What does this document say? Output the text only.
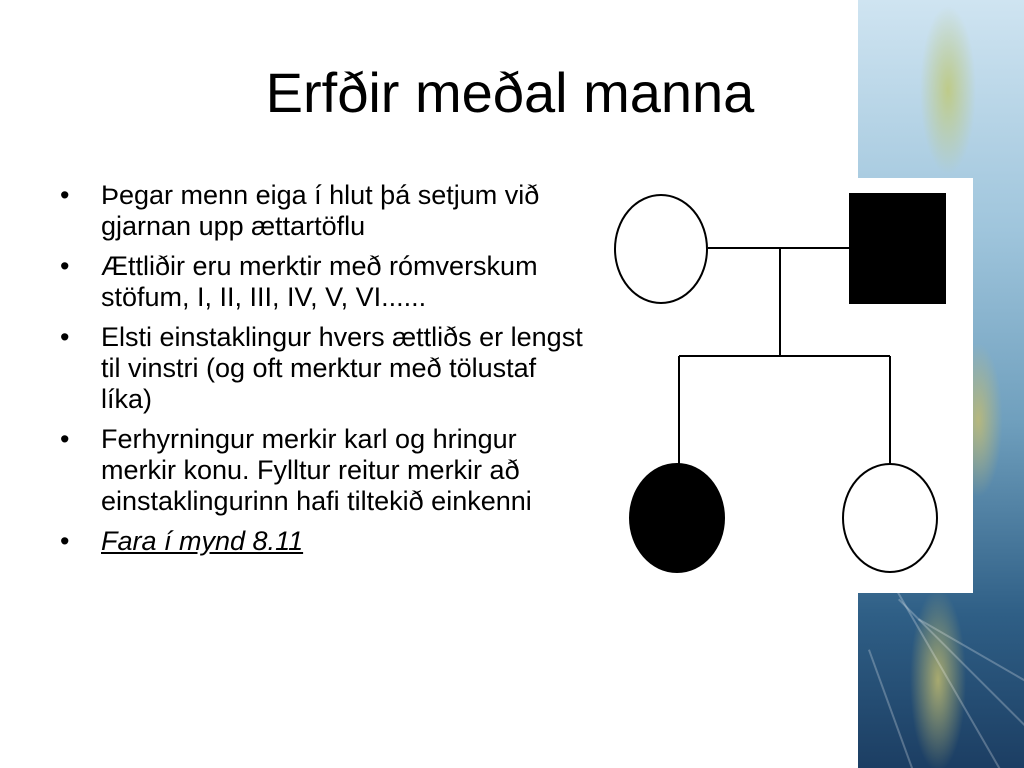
Erfðir meðal manna
• Þegar menn eiga í hlut þá setjum við gjarnan upp ættartöflu
• Ættliðir eru merktir með rómverskum stöfum, I, II, III, IV, V, VI......
• Elsti einstaklingur hvers ættliðs er lengst til vinstri (og oft merktur með tölustaf líka)
• Ferhyrningur merkir karl og hringur merkir konu. Fylltur reitur merkir að einstaklingurinn hafi tiltekið einkenni
• Fara í mynd 8.11
